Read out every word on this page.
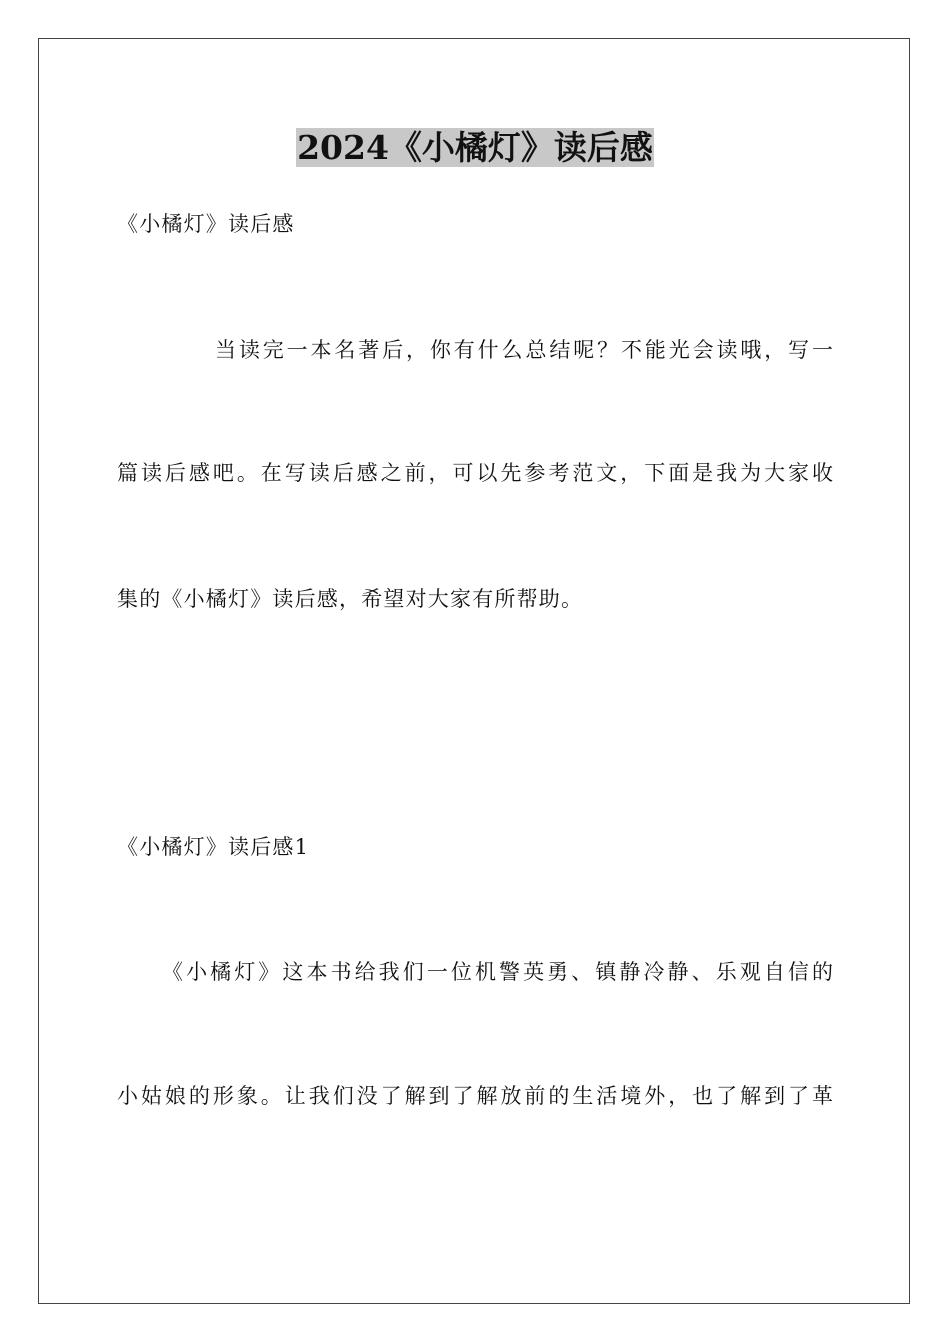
2024《小橘灯》读后感
《小橘灯》读后感
当读完一本名著后，你有什么总结呢？不能光会读哦，写一
篇读后感吧。在写读后感之前，可以先参考范文，下面是我为大家收
集的《小橘灯》读后感，希望对大家有所帮助。
《小橘灯》读后感1
《小橘灯》这本书给我们一位机警英勇、镇静冷静、乐观自信的
小姑娘的形象。让我们没了解到了解放前的生活境外，也了解到了革
